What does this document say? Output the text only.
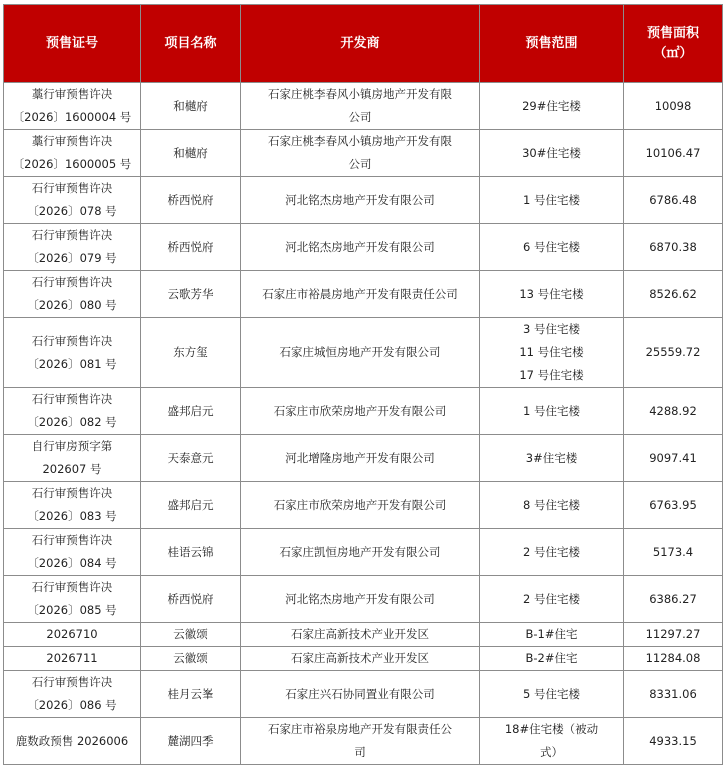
预售证号	项目名称	开发商	预售范围	预售面积
（㎡）

藁行审预售许决
〔2026〕1600004 号	和樾府	石家庄桃李春风小镇房地产开发有限
公司	29#住宅楼	10098

藁行审预售许决
〔2026〕1600005 号	和樾府	石家庄桃李春风小镇房地产开发有限
公司	30#住宅楼	10106.47

石行审预售许决
〔2026〕078 号	桥西悦府	河北铭杰房地产开发有限公司	1 号住宅楼	6786.48

石行审预售许决
〔2026〕079 号	桥西悦府	河北铭杰房地产开发有限公司	6 号住宅楼	6870.38

石行审预售许决
〔2026〕080 号	云歌芳华	石家庄市裕晨房地产开发有限责任公司	13 号住宅楼	8526.62

石行审预售许决
〔2026〕081 号	东方玺	石家庄城恒房地产开发有限公司	3 号住宅楼
11 号住宅楼
17 号住宅楼	25559.72

石行审预售许决
〔2026〕082 号	盛邦启元	石家庄市欣荣房地产开发有限公司	1 号住宅楼	4288.92

自行审房预字第
202607 号	天泰意元	河北增隆房地产开发有限公司	3#住宅楼	9097.41

石行审预售许决
〔2026〕083 号	盛邦启元	石家庄市欣荣房地产开发有限公司	8 号住宅楼	6763.95

石行审预售许决
〔2026〕084 号	桂语云锦	石家庄凯恒房地产开发有限公司	2 号住宅楼	5173.4

石行审预售许决
〔2026〕085 号	桥西悦府	河北铭杰房地产开发有限公司	2 号住宅楼	6386.27

2026710	云徽颂	石家庄高新技术产业开发区	B-1#住宅	11297.27

2026711	云徽颂	石家庄高新技术产业开发区	B-2#住宅	11284.08

石行审预售许决
〔2026〕086 号	桂月云峯	石家庄兴石协同置业有限公司	5 号住宅楼	8331.06

鹿数政预售 2026006	麓湖四季	石家庄市裕泉房地产开发有限责任公
司	18#住宅楼（被动
式）	4933.15
